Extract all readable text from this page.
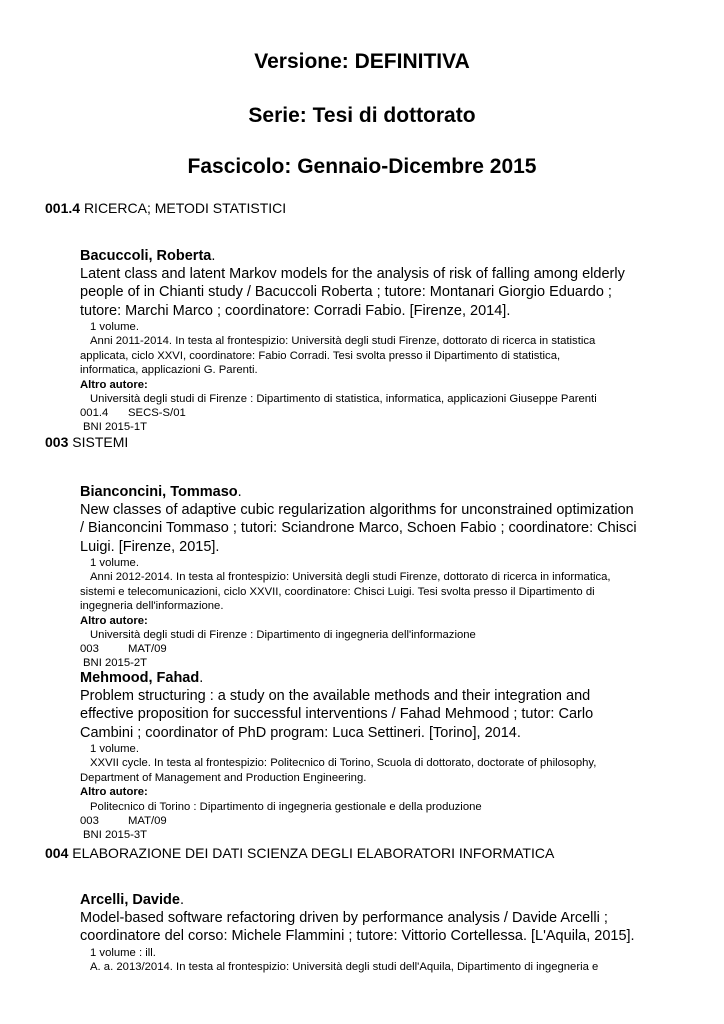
Versione: DEFINITIVA
Serie: Tesi di dottorato
Fascicolo: Gennaio-Dicembre 2015
001.4 RICERCA; METODI STATISTICI
Bacuccoli, Roberta.
Latent class and latent Markov models for the analysis of risk of falling among elderly
people of in Chianti study / Bacuccoli Roberta ; tutore: Montanari Giorgio Eduardo ;
tutore: Marchi Marco ; coordinatore: Corradi Fabio. [Firenze, 2014].
1 volume.
Anni 2011-2014. In testa al frontespizio: Università degli studi Firenze, dottorato di ricerca in statistica
applicata, ciclo XXVI, coordinatore: Fabio Corradi. Tesi svolta presso il Dipartimento di statistica,
informatica, applicazioni G. Parenti.
Altro autore:
Università degli studi di Firenze : Dipartimento di statistica, informatica, applicazioni Giuseppe Parenti
001.4 SECS-S/01
BNI 2015-1T
003 SISTEMI
Bianconcini, Tommaso.
New classes of adaptive cubic regularization algorithms for unconstrained optimization
/ Bianconcini Tommaso ; tutori: Sciandrone Marco, Schoen Fabio ; coordinatore: Chisci
Luigi. [Firenze, 2015].
1 volume.
Anni 2012-2014. In testa al frontespizio: Università degli studi Firenze, dottorato di ricerca in informatica,
sistemi e telecomunicazioni, ciclo XXVII, coordinatore: Chisci Luigi. Tesi svolta presso il Dipartimento di
ingegneria dell'informazione.
Altro autore:
Università degli studi di Firenze : Dipartimento di ingegneria dell'informazione
003	MAT/09
BNI 2015-2T
Mehmood, Fahad.
Problem structuring : a study on the available methods and their integration and
effective proposition for successful interventions / Fahad Mehmood ; tutor: Carlo
Cambini ; coordinator of PhD program: Luca Settineri. [Torino], 2014.
1 volume.
XXVII cycle. In testa al frontespizio: Politecnico di Torino, Scuola di dottorato, doctorate of philosophy,
Department of Management and Production Engineering.
Altro autore:
Politecnico di Torino : Dipartimento di ingegneria gestionale e della produzione
003	MAT/09
BNI 2015-3T
004 ELABORAZIONE DEI DATI SCIENZA DEGLI ELABORATORI INFORMATICA
Arcelli, Davide.
Model-based software refactoring driven by performance analysis / Davide Arcelli ;
coordinatore del corso: Michele Flammini ; tutore: Vittorio Cortellessa. [L'Aquila, 2015].
1 volume : ill.
A. a. 2013/2014. In testa al frontespizio: Università degli studi dell'Aquila, Dipartimento di ingegneria e
